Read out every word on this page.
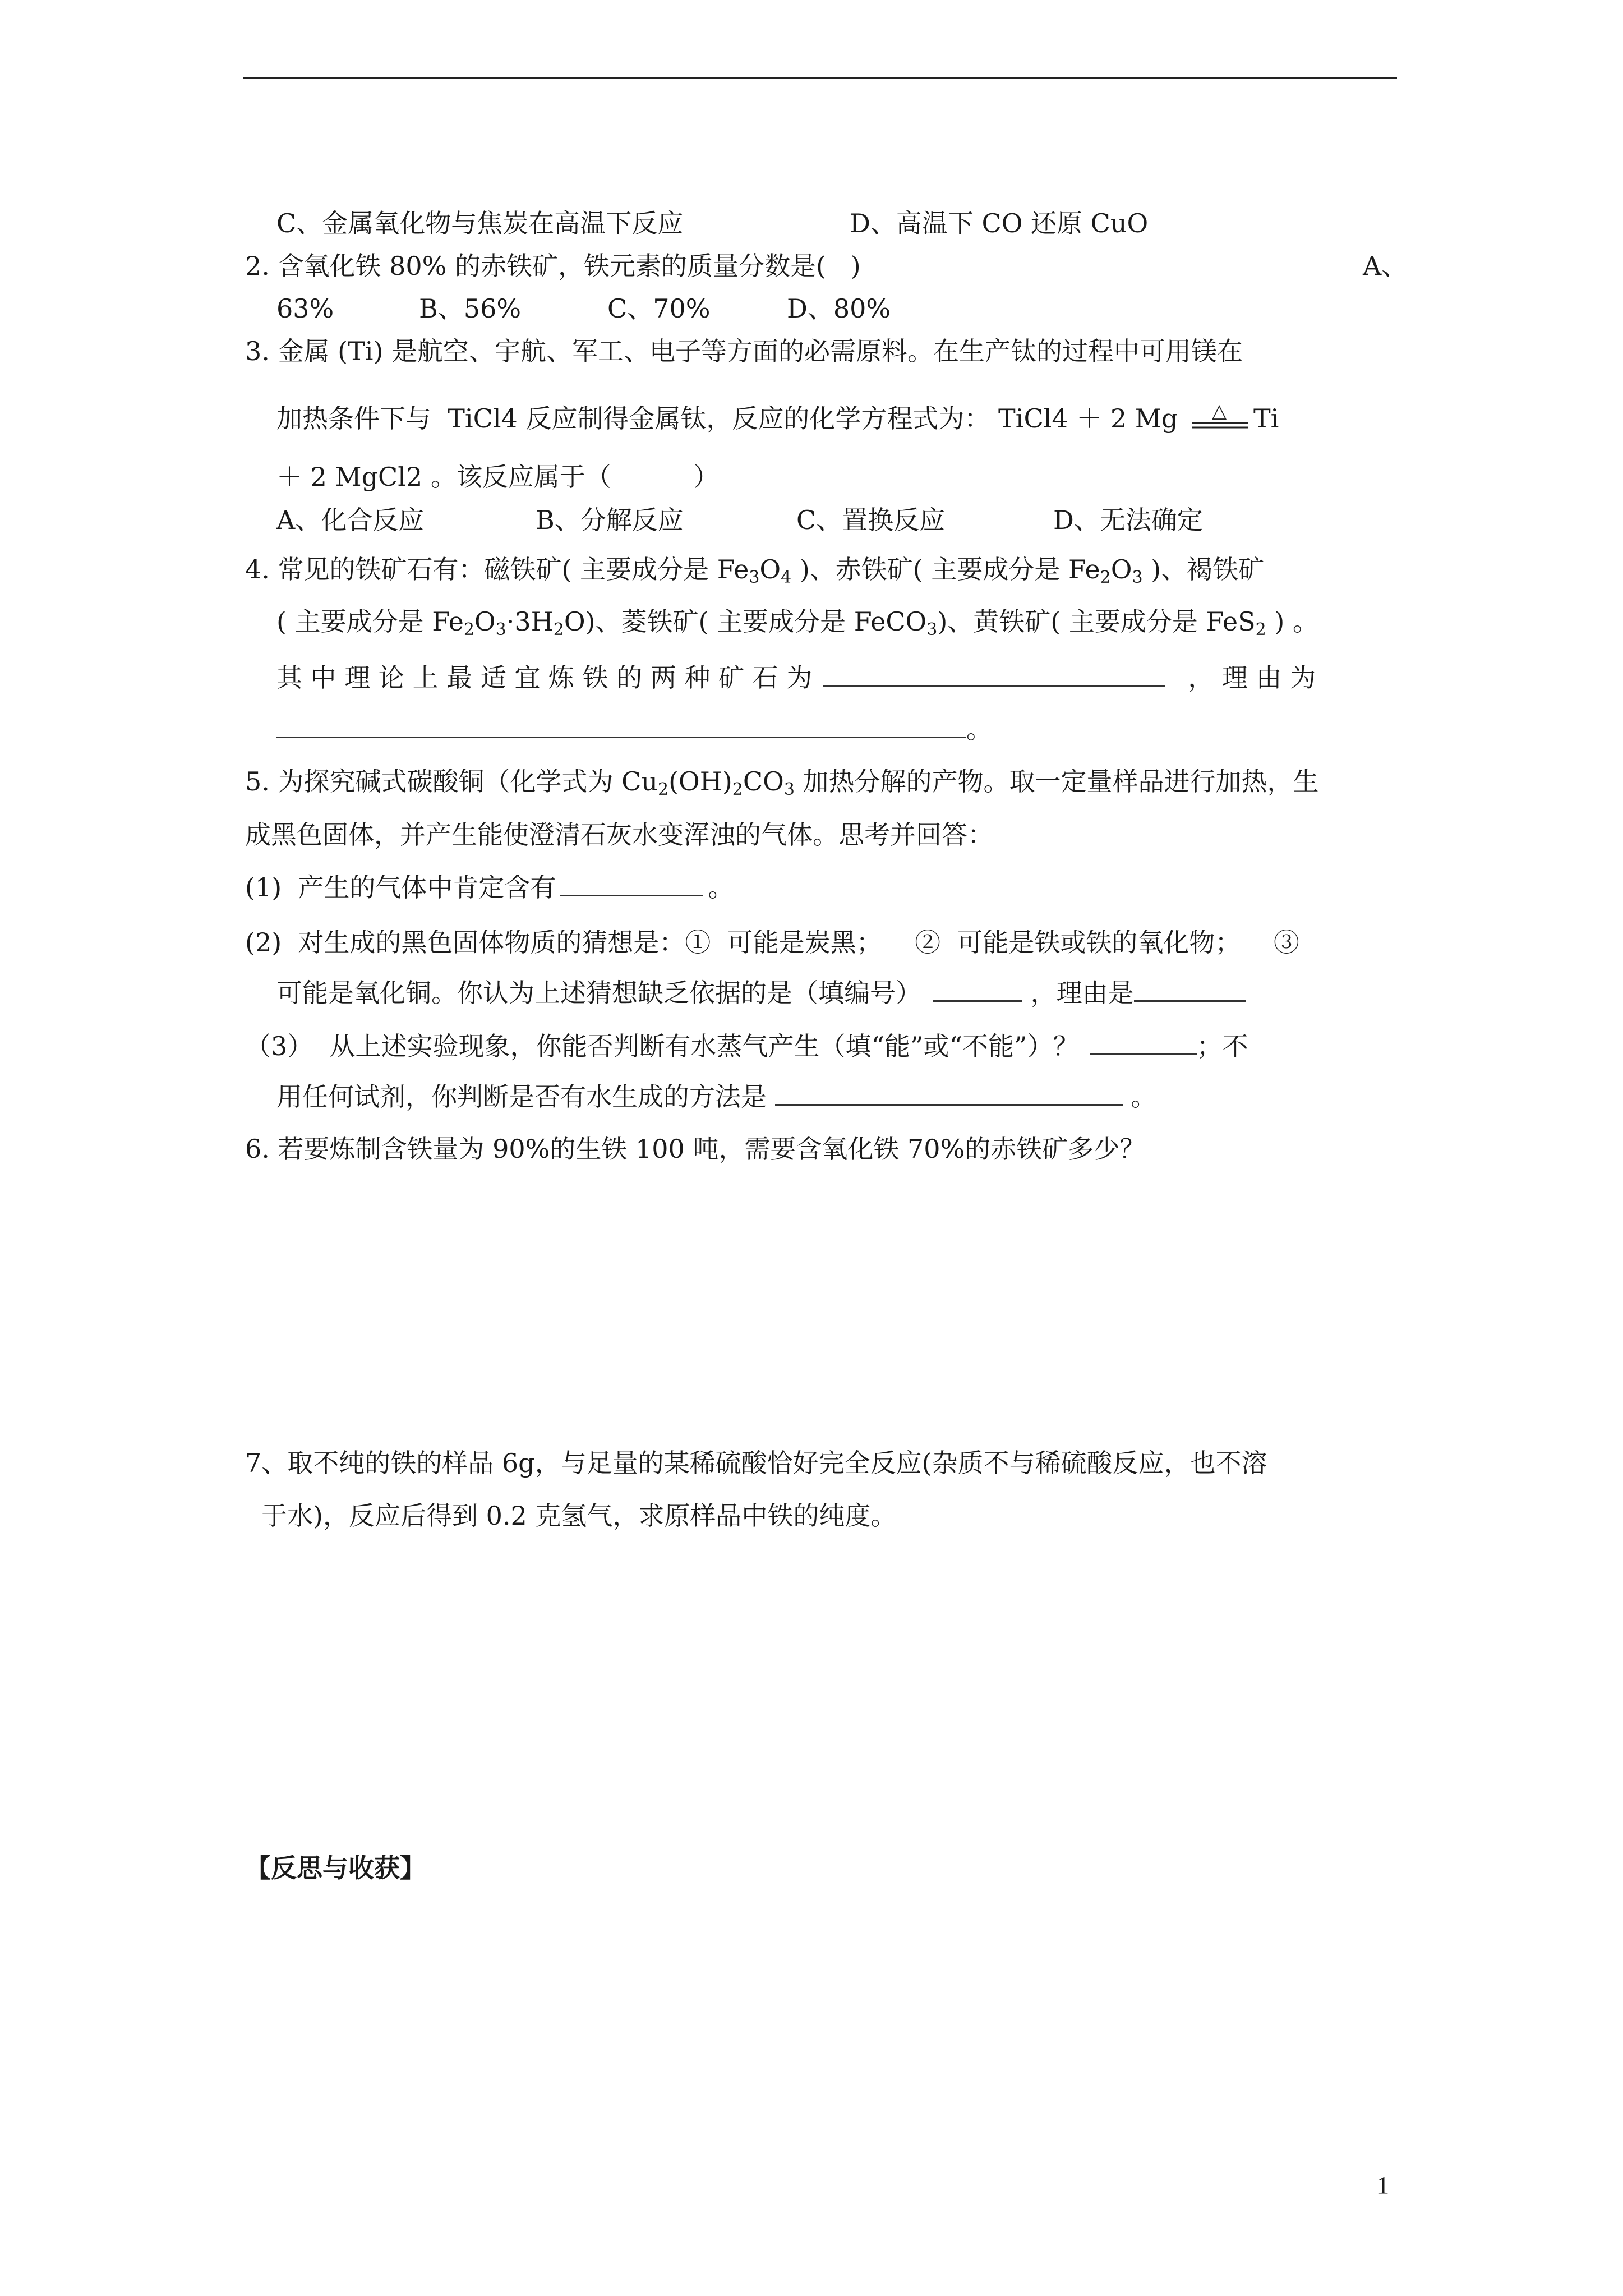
C、金属氧化物与焦炭在高温下反应	D、高温下 CO 还原 CuO
2. 含氧化铁 80% 的赤铁矿，铁元素的质量分数是(   )	A、
63%	B、56%	C、70%	D、80%
3. 金属 (Ti) 是航空、宇航、军工、电子等方面的必需原料。在生产钛的过程中可用镁在
加热条件下与  TiCl4 反应制得金属钛，反应的化学方程式为： TiCl4 ＋ 2 Mg △ Ti
＋ 2 MgCl2 。该反应属于（          ）
A、化合反应	B、分解反应	C、置换反应	D、无法确定
4. 常见的铁矿石有：磁铁矿( 主要成分是 $Fe_3O_4$ )、赤铁矿( 主要成分是 $Fe_2O_3$ )、褐铁矿
( 主要成分是 $Fe_2O_3\cdot 3H_2O$)、菱铁矿( 主要成分是 FeCO$_3$)、黄铁矿( 主要成分是 FeS$_2$ ) 。
其 中 理 论 上 最 适 宜 炼 铁 的 两 种 矿 石 为	， 理 由 为
。
5. 为探究碱式碳酸铜（化学式为 $Cu_2(OH)_2CO_3$ 加热分解的产物。取一定量样品进行加热，生
成黑色固体，并产生能使澄清石灰水变浑浊的气体。思考并回答：
(1)  产生的气体中肯定含有	。
(2)  对生成的黑色固体物质的猜想是：①  可能是炭黑；    ②  可能是铁或铁的氧化物；    ③
可能是氧化铜。你认为上述猜想缺乏依据的是（填编号）	，理由是
（3）  从上述实验现象，你能否判断有水蒸气产生（填“能”或“不能”）？	；不
用任何试剂，你判断是否有水生成的方法是	。
6. 若要炼制含铁量为 90%的生铁 100 吨，需要含氧化铁 70%的赤铁矿多少？
7、取不纯的铁的样品 6g，与足量的某稀硫酸恰好完全反应(杂质不与稀硫酸反应，也不溶
于水)，反应后得到 0.2 克氢气，求原样品中铁的纯度。
【反思与收获】
1
